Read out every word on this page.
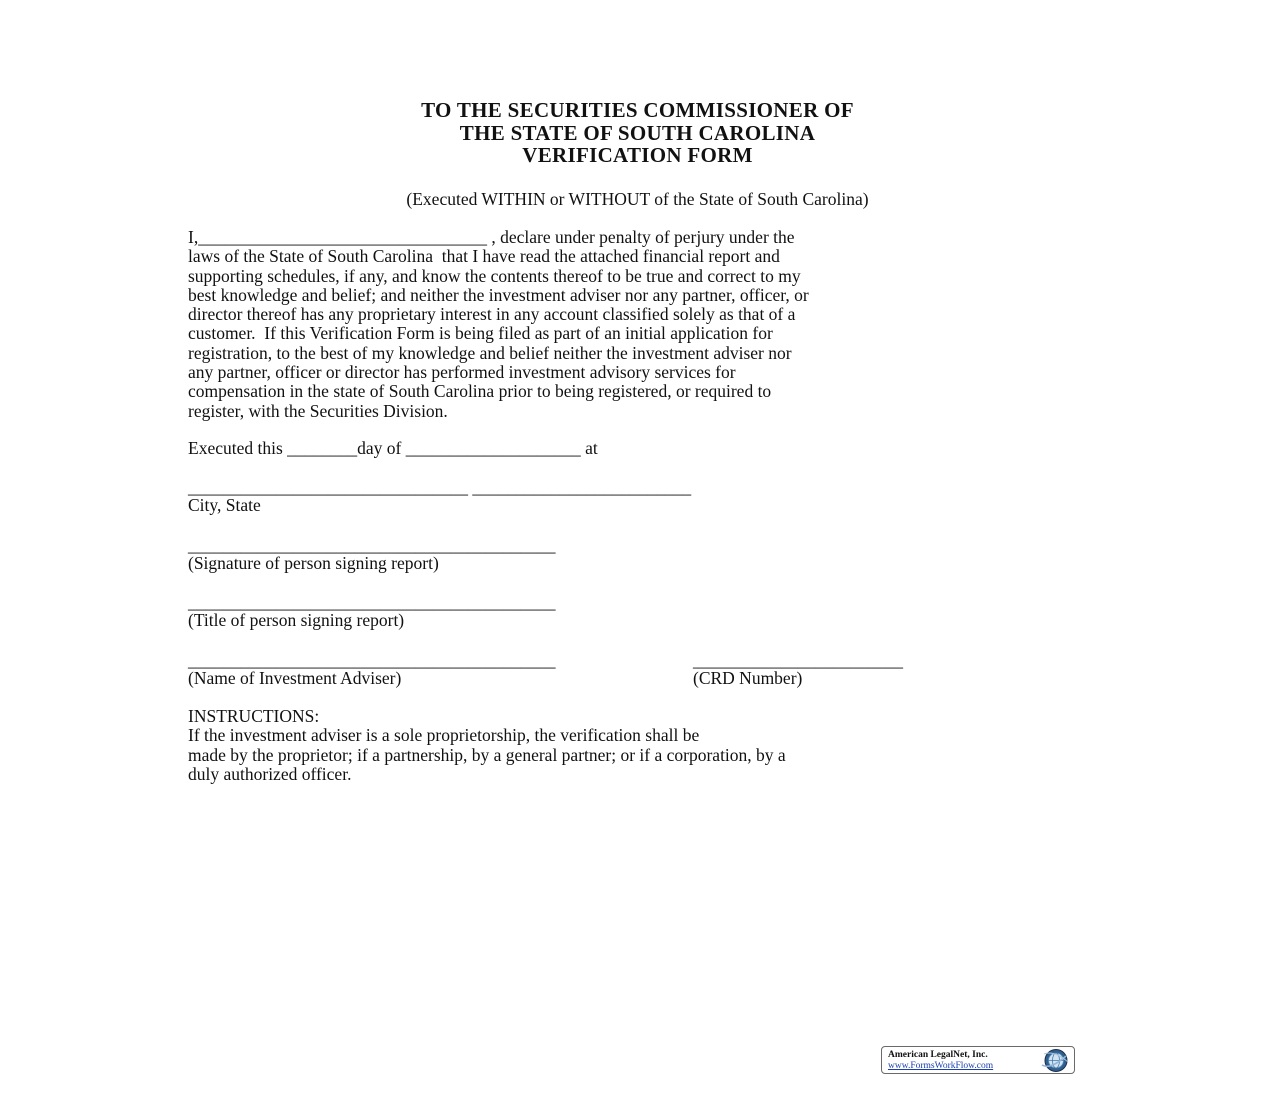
TO THE SECURITIES COMMISSIONER OF
THE STATE OF SOUTH CAROLINA
VERIFICATION FORM
(Executed WITHIN or WITHOUT of the State of South Carolina)
I,_________________________________ , declare under penalty of perjury under the
laws of the State of South Carolina  that I have read the attached financial report and
supporting schedules, if any, and know the contents thereof to be true and correct to my
best knowledge and belief; and neither the investment adviser nor any partner, officer, or
director thereof has any proprietary interest in any account classified solely as that of a
customer.  If this Verification Form is being filed as part of an initial application for
registration, to the best of my knowledge and belief neither the investment adviser nor
any partner, officer or director has performed investment advisory services for
compensation in the state of South Carolina prior to being registered, or required to
register, with the Securities Division.
Executed this ________day of ____________________ at
________________________________ _________________________
City, State
__________________________________________
(Signature of person signing report)
__________________________________________
(Title of person signing report)
__________________________________________	________________________
(Name of Investment Adviser)	(CRD Number)
INSTRUCTIONS:
If the investment adviser is a sole proprietorship, the verification shall be
made by the proprietor; if a partnership, by a general partner; or if a corporation, by a
duly authorized officer.
American LegalNet, Inc.
www.FormsWorkFlow.com
